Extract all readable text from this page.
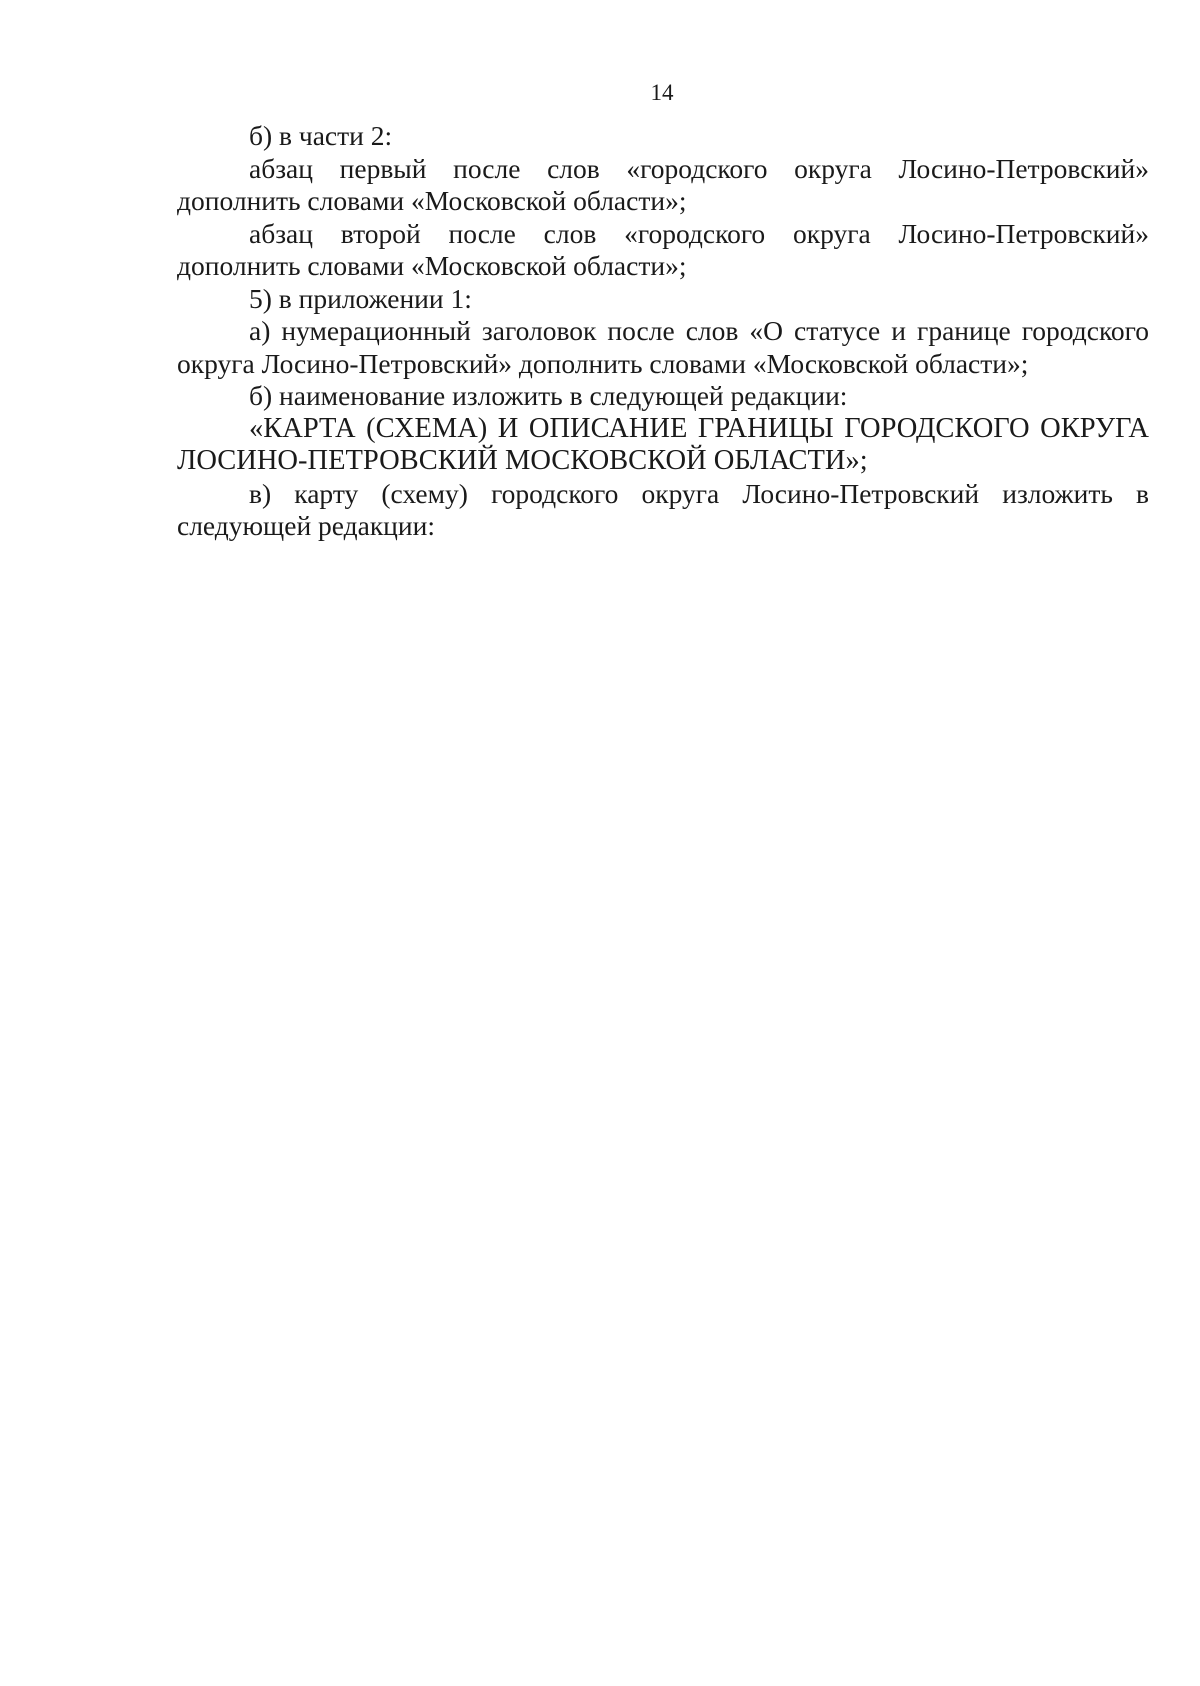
14

б) в части 2:

абзац первый после слов «городского округа Лосино-Петровский» дополнить словами «Московской области»;

абзац второй после слов «городского округа Лосино-Петровский» дополнить словами «Московской области»;

5) в приложении 1:

а) нумерационный заголовок после слов «О статусе и границе городского округа Лосино-Петровский» дополнить словами «Московской области»;

б) наименование изложить в следующей редакции:

«КАРТА (СХЕМА) И ОПИСАНИЕ ГРАНИЦЫ ГОРОДСКОГО ОКРУГА ЛОСИНО-ПЕТРОВСКИЙ МОСКОВСКОЙ ОБЛАСТИ»;

в) карту (схему) городского округа Лосино-Петровский изложить в следующей редакции:
